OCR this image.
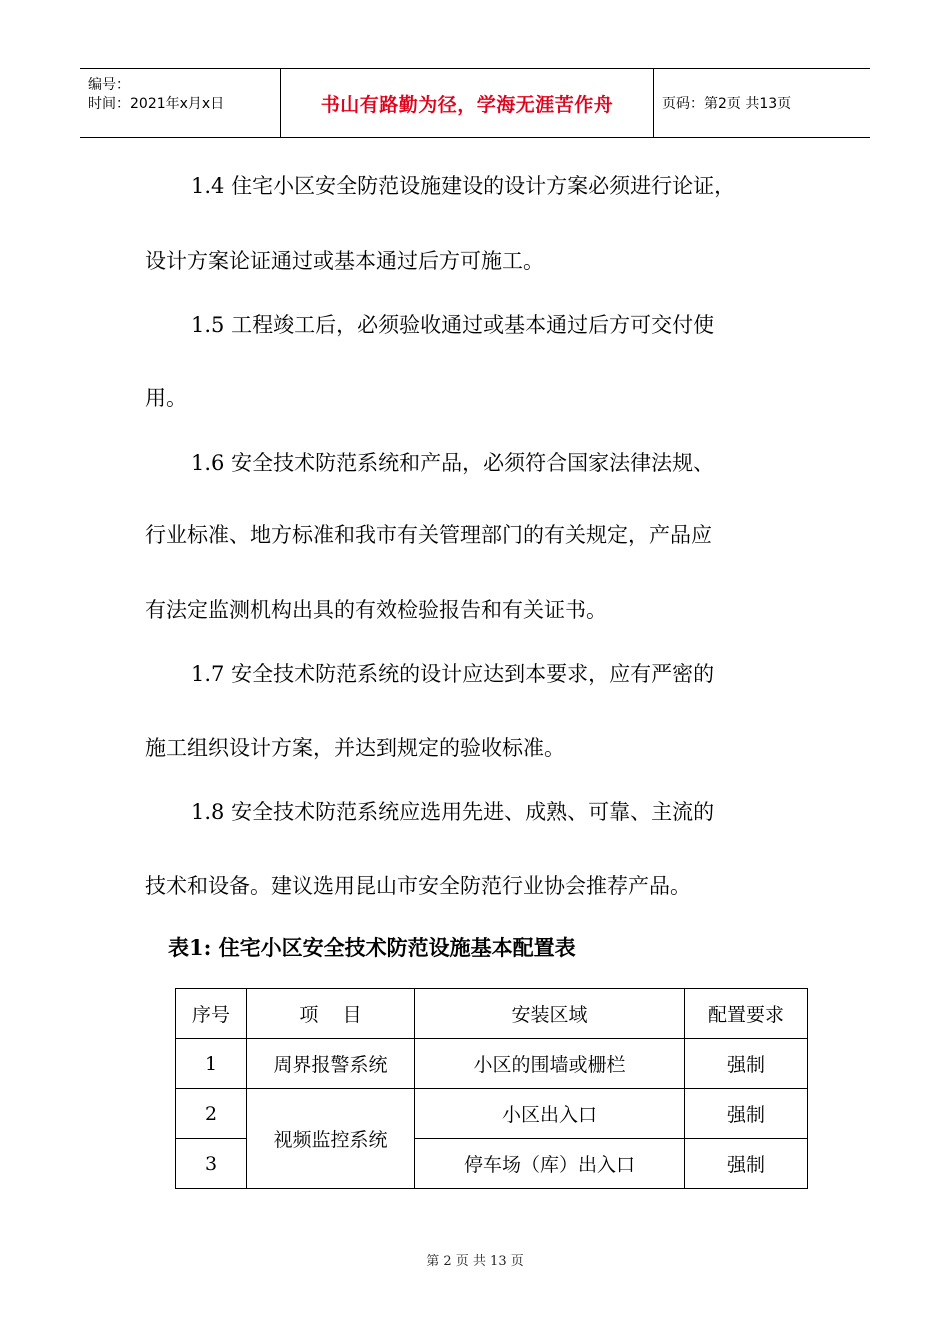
编号：
时间：2021年x月x日	书山有路勤为径，学海无涯苦作舟	页码：第2页 共13页
1.4 住宅小区安全防范设施建设的设计方案必须进行论证，
设计方案论证通过或基本通过后方可施工。
1.5 工程竣工后，必须验收通过或基本通过后方可交付使
用。
1.6 安全技术防范系统和产品，必须符合国家法律法规、
行业标准、地方标准和我市有关管理部门的有关规定，产品应
有法定监测机构出具的有效检验报告和有关证书。
1.7 安全技术防范系统的设计应达到本要求，应有严密的
施工组织设计方案，并达到规定的验收标准。
1.8 安全技术防范系统应选用先进、成熟、可靠、主流的
技术和设备。建议选用昆山市安全防范行业协会推荐产品。
表1: 住宅小区安全技术防范设施基本配置表
序号	项    目	安装区域	配置要求
1	周界报警系统	小区的围墙或栅栏	强制
2	视频监控系统	小区出入口	强制
3		停车场（库）出入口	强制
第 2 页 共 13 页
